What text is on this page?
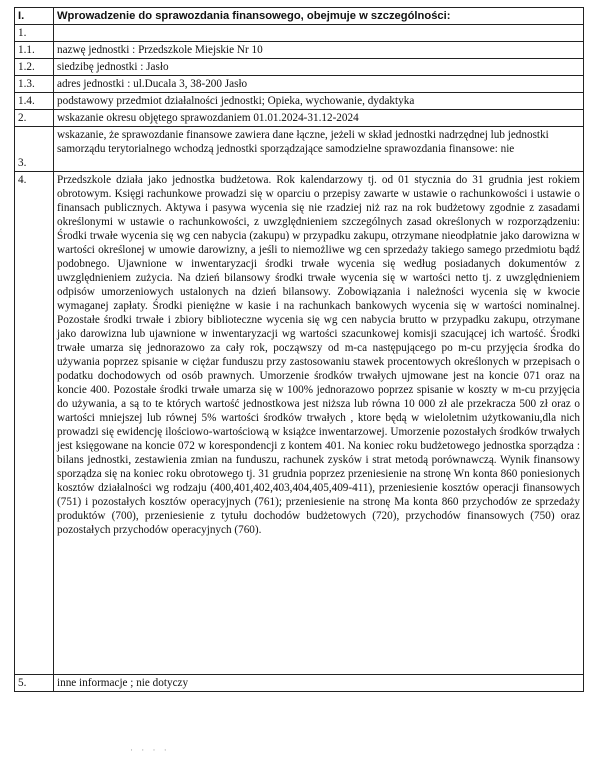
I.	Wprowadzenie do sprawozdania finansowego, obejmuje w szczególności:
1.	
1.1.	nazwę jednostki : Przedszkole Miejskie Nr 10
1.2.	siedzibę jednostki : Jasło
1.3.	adres jednostki : ul.Ducala 3, 38-200 Jasło
1.4.	podstawowy przedmiot działalności jednostki; Opieka, wychowanie, dydaktyka
2.	wskazanie okresu objętego sprawozdaniem 01.01.2024-31.12-2024
3.	wskazanie, że sprawozdanie finansowe zawiera dane łączne, jeżeli w skład jednostki nadrzędnej lub jednostki samorządu terytorialnego wchodzą jednostki sporządzające samodzielne sprawozdania finansowe: nie
4.	Przedszkole działa jako jednostka budżetowa. Rok kalendarzowy tj. od 01 stycznia do 31 grudnia jest rokiem obrotowym. Księgi rachunkowe prowadzi się w oparciu o przepisy zawarte w ustawie o rachunkowości i ustawie o finansach publicznych. Aktywa i pasywa wycenia się nie rzadziej niż raz na rok budżetowy zgodnie z zasadami określonymi w ustawie o rachunkowości, z uwzględnieniem szczególnych zasad określonych w rozporządzeniu: Środki trwałe wycenia się wg cen nabycia (zakupu) w przypadku zakupu, otrzymane nieodpłatnie jako darowizna w wartości określonej w umowie darowizny, a jeśli to niemożliwe wg cen sprzedaży takiego samego przedmiotu bądź podobnego. Ujawnione w inwentaryzacji środki trwałe wycenia się według posiadanych dokumentów z uwzględnieniem zużycia. Na dzień bilansowy środki trwałe wycenia się w wartości netto tj. z uwzględnieniem odpisów umorzeniowych ustalonych na dzień bilansowy. Zobowiązania i należności wycenia się w kwocie wymaganej zapłaty. Środki pieniężne w kasie i na rachunkach bankowych wycenia się w wartości nominalnej. Pozostałe środki trwałe i zbiory biblioteczne wycenia się wg cen nabycia brutto w przypadku zakupu, otrzymane jako darowizna lub ujawnione w inwentaryzacji wg wartości szacunkowej komisji szacującej ich wartość. Środki trwałe umarza się jednorazowo za cały rok, począwszy od m-ca następującego po m-cu przyjęcia środka do używania poprzez spisanie w ciężar funduszu przy zastosowaniu stawek procentowych określonych w przepisach o podatku dochodowych od osób prawnych. Umorzenie środków trwałych ujmowane jest na koncie 071 oraz na koncie 400. Pozostałe środki trwałe umarza się w 100% jednorazowo poprzez spisanie w koszty w m-cu przyjęcia do używania, a są to te których wartość jednostkowa jest niższa lub równa 10 000 zł ale przekracza 500 zł oraz o wartości mniejszej lub równej 5% wartości środków trwałych , ktore będą w wieloletnim użytkowaniu,dla nich prowadzi się ewidencję ilościowo-wartościową w książce inwentarzowej. Umorzenie pozostałych środków trwałych jest księgowane na koncie 072 w korespondencji z kontem 401. Na koniec roku budżetowego jednostka sporządza : bilans jednostki, zestawienia zmian na funduszu, rachunek zysków i strat metodą porównawczą. Wynik finansowy sporządza się na koniec roku obrotowego tj. 31 grudnia poprzez przeniesienie na stronę Wn konta 860 poniesionych kosztów działalności wg rodzaju (400,401,402,403,404,405,409-411), przeniesienie kosztów operacji finansowych (751) i pozostałych kosztów operacyjnych (761); przeniesienie na stronę Ma konta 860 przychodów ze sprzedaży produktów (700), przeniesienie z tytułu dochodów budżetowych (720), przychodów finansowych (750) oraz pozostałych przychodów operacyjnych (760).
5.	inne informacje ; nie dotyczy
· · · ·
